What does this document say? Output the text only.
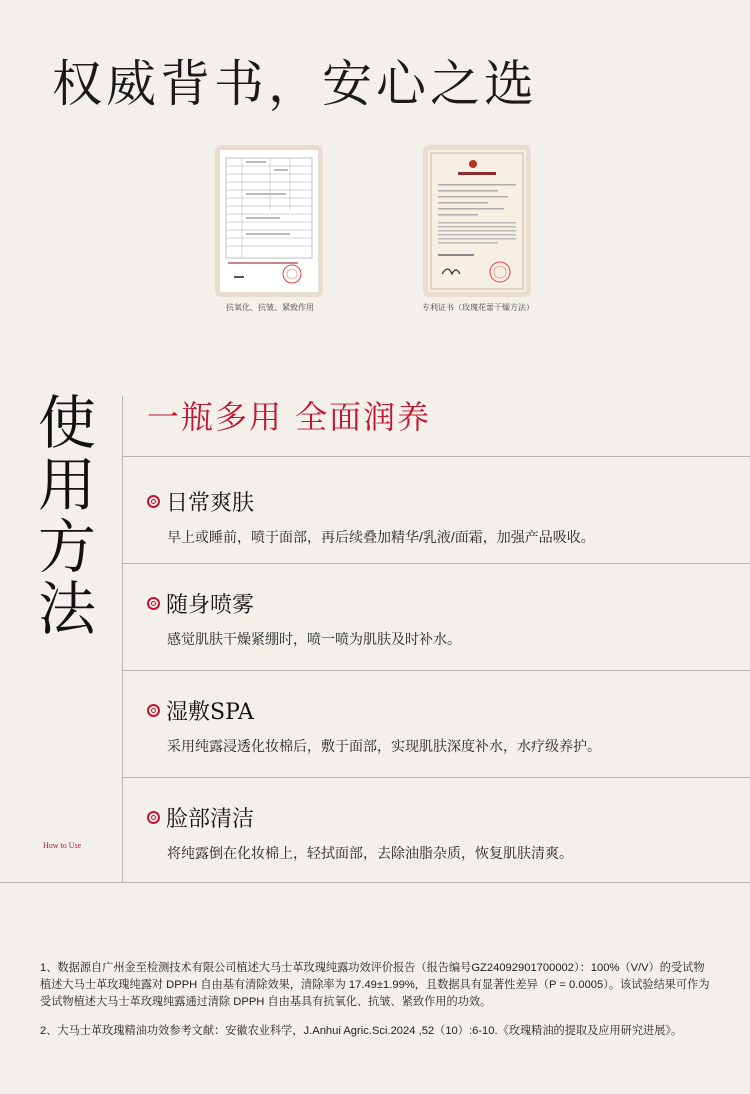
权威背书，安心之选
抗氧化、抗皱、紧致作用	专利证书（玫瑰花蕾干燥方法）
使
用
方
法
How to Use
一瓶多用 全面润养
日常爽肤
早上或睡前，喷于面部，再后续叠加精华/乳液/面霜，加强产品吸收。
随身喷雾
感觉肌肤干燥紧绷时，喷一喷为肌肤及时补水。
湿敷SPA
采用纯露浸透化妆棉后，敷于面部，实现肌肤深度补水，水疗级养护。
脸部清洁
将纯露倒在化妆棉上，轻拭面部，去除油脂杂质，恢复肌肤清爽。

1、数据源自广州金至检测技术有限公司植述大马士革玫瑰纯露功效评价报告（报告编号GZ24092901700002）：100%（V/V）的受试物植述大马士革玫瑰纯露对 DPPH 自由基有清除效果，清除率为 17.49±1.99%，且数据具有显著性差异（P = 0.0005）。该试验结果可作为受试物植述大马士革玫瑰纯露通过清除 DPPH 自由基具有抗氧化、抗皱、紧致作用的功效。

2、大马士革玫瑰精油功效参考文献：安徽农业科学，J.Anhui Agric.Sci.2024 ,52（10）:6-10.《玫瑰精油的提取及应用研究进展》。
